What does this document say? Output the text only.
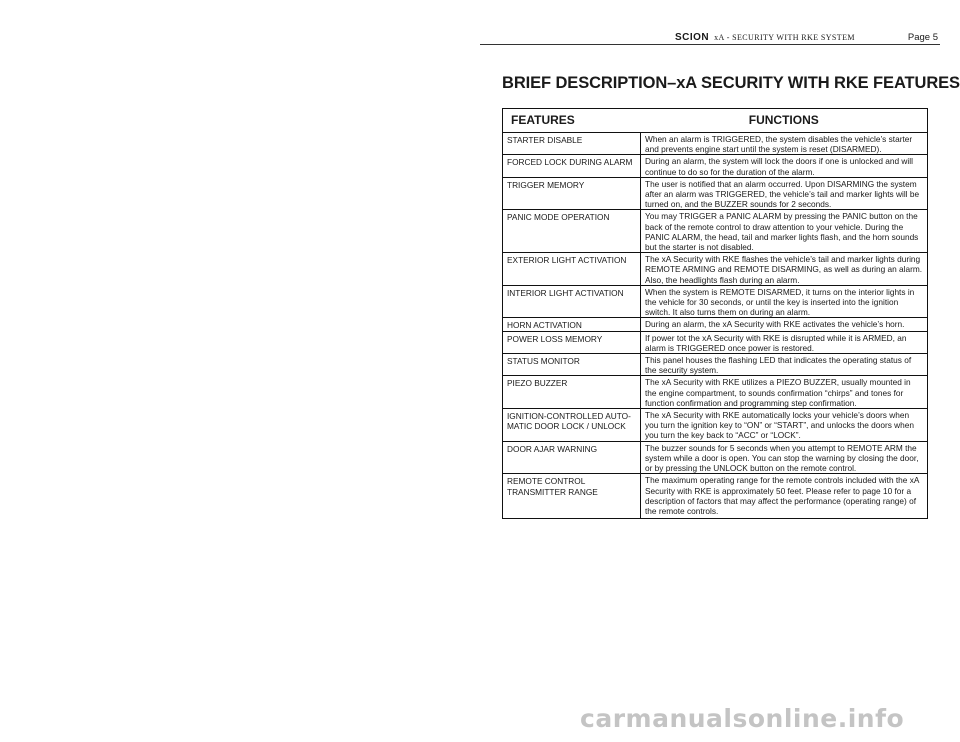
SCION xA - SECURITY WITH RKE SYSTEM	Page 5
BRIEF DESCRIPTION–xA SECURITY WITH RKE FEATURES
FEATURES	FUNCTIONS
STARTER DISABLE	When an alarm is TRIGGERED, the system disables the vehicle’s starter and prevents engine start until the system is reset (DISARMED).
FORCED LOCK DURING ALARM	During an alarm, the system will lock the doors if one is unlocked and will continue to do so for the duration of the alarm.
TRIGGER MEMORY	The user is notified that an alarm occurred. Upon DISARMING the system after an alarm was TRIGGERED, the vehicle’s tail and marker lights will be turned on, and the BUZZER sounds for 2 seconds.
PANIC MODE OPERATION	You may TRIGGER a PANIC ALARM by pressing the PANIC button on the back of the remote control to draw attention to your vehicle. During the PANIC ALARM, the head, tail and marker lights flash, and the horn sounds but the starter is not disabled.
EXTERIOR LIGHT ACTIVATION	The xA Security with RKE flashes the vehicle’s tail and marker lights during REMOTE ARMING and REMOTE DISARMING, as well as during an alarm. Also, the headlights flash during an alarm.
INTERIOR LIGHT ACTIVATION	When the system is REMOTE DISARMED, it turns on the interior lights in the vehicle for 30 seconds, or until the key is inserted into the ignition switch. It also turns them on during an alarm.
HORN ACTIVATION	During an alarm, the xA Security with RKE activates the vehicle’s horn.
POWER LOSS MEMORY	If power tot the xA Security with RKE is disrupted while it is ARMED, an alarm is TRIGGERED once power is restored.
STATUS MONITOR	This panel houses the flashing LED that indicates the operating status of the security system.
PIEZO BUZZER	The xA Security with RKE utilizes a PIEZO BUZZER, usually mounted in the engine compartment, to sounds confirmation “chirps” and tones for function confirmation and programming step confirmation.
IGNITION-CONTROLLED AUTO-MATIC DOOR LOCK / UNLOCK	The xA Security with RKE automatically locks your vehicle’s doors when you turn the ignition key to “ON” or “START”, and unlocks the doors when you turn the key back to “ACC” or “LOCK”.
DOOR AJAR WARNING	The buzzer sounds for 5 seconds when you attempt to REMOTE ARM the system while a door is open. You can stop the warning by closing the door, or by pressing the UNLOCK button on the remote control.
REMOTE CONTROL TRANSMITTER RANGE	The maximum operating range for the remote controls included with the xA Security with RKE is approximately 50 feet. Please refer to page 10 for a description of factors that may affect the performance (operating range) of the remote controls.
carmanualsonline.info
